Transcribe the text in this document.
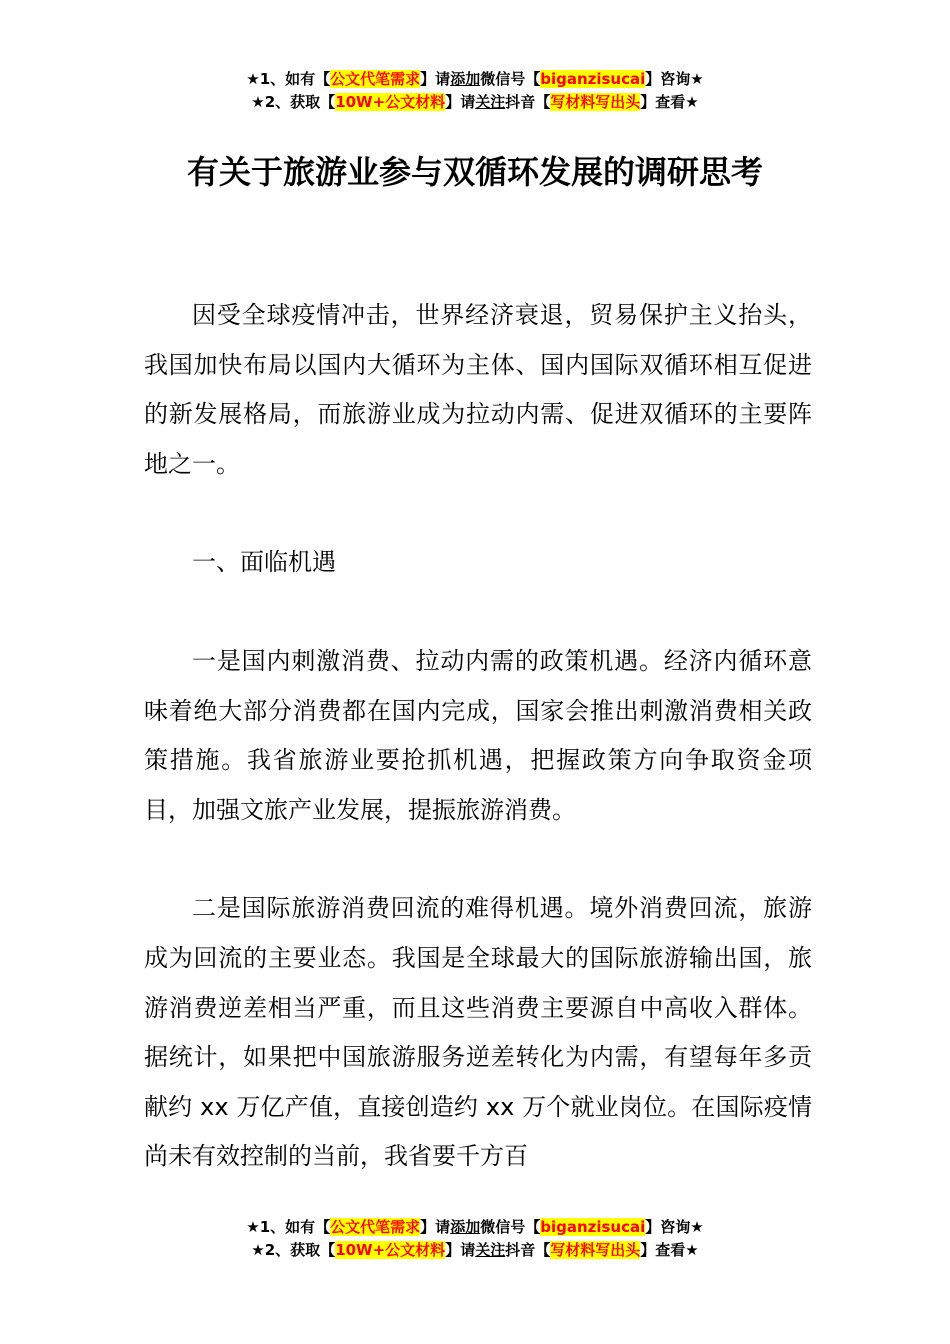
★1、如有【公文代笔需求】请添加微信号【biganzisucai】咨询★
★2、获取【10W+公文材料】请关注抖音【写材料写出头】查看★
有关于旅游业参与双循环发展的调研思考

因受全球疫情冲击，世界经济衰退，贸易保护主义抬头，我国加快布局以国内大循环为主体、国内国际双循环相互促进的新发展格局，而旅游业成为拉动内需、促进双循环的主要阵地之一。

一、面临机遇

一是国内刺激消费、拉动内需的政策机遇。经济内循环意味着绝大部分消费都在国内完成，国家会推出刺激消费相关政策措施。我省旅游业要抢抓机遇，把握政策方向争取资金项目，加强文旅产业发展，提振旅游消费。

二是国际旅游消费回流的难得机遇。境外消费回流，旅游成为回流的主要业态。我国是全球最大的国际旅游输出国，旅游消费逆差相当严重，而且这些消费主要源自中高收入群体。据统计，如果把中国旅游服务逆差转化为内需，有望每年多贡献约 xx 万亿产值，直接创造约 xx 万个就业岗位。在国际疫情尚未有效控制的当前，我省要千方百

★1、如有【公文代笔需求】请添加微信号【biganzisucai】咨询★
★2、获取【10W+公文材料】请关注抖音【写材料写出头】查看★
